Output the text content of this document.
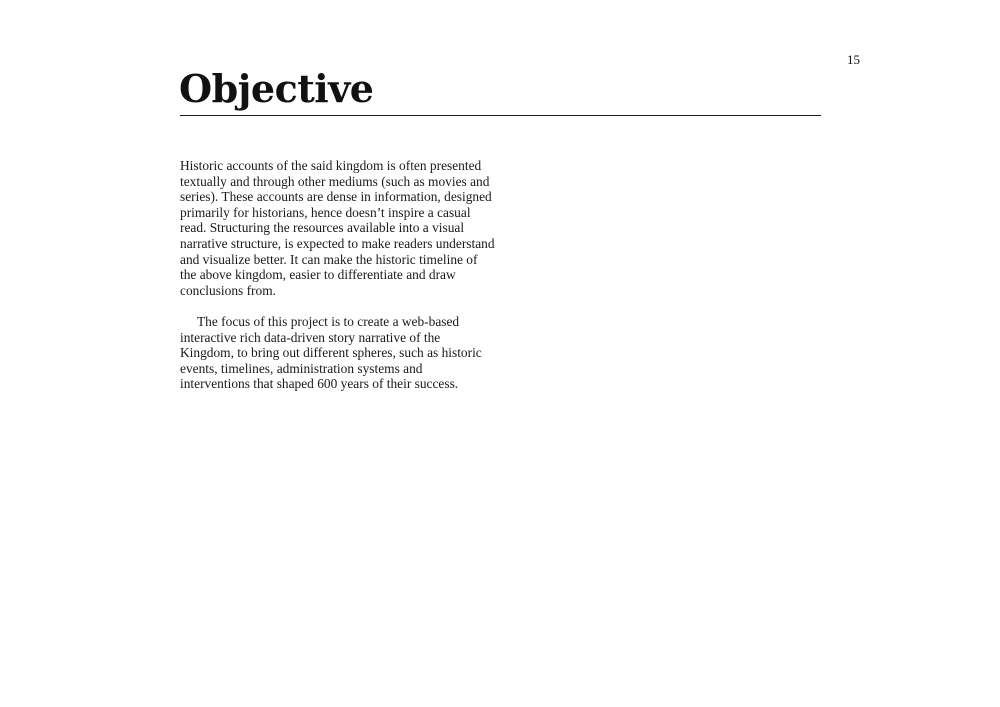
15
Objective

Historic accounts of the said kingdom is often presented textually and through other mediums (such as movies and series). These accounts are dense in information, designed primarily for historians, hence doesn’t inspire a casual read. Structuring the resources available into a visual narrative structure, is expected to make readers understand and visualize better. It can make the historic timeline of the above kingdom, easier to differentiate and draw conclusions from.

The focus of this project is to create a web-based interactive rich data-driven story narrative of the Kingdom, to bring out different spheres, such as historic events, timelines, administration systems and interventions that shaped 600 years of their success.
